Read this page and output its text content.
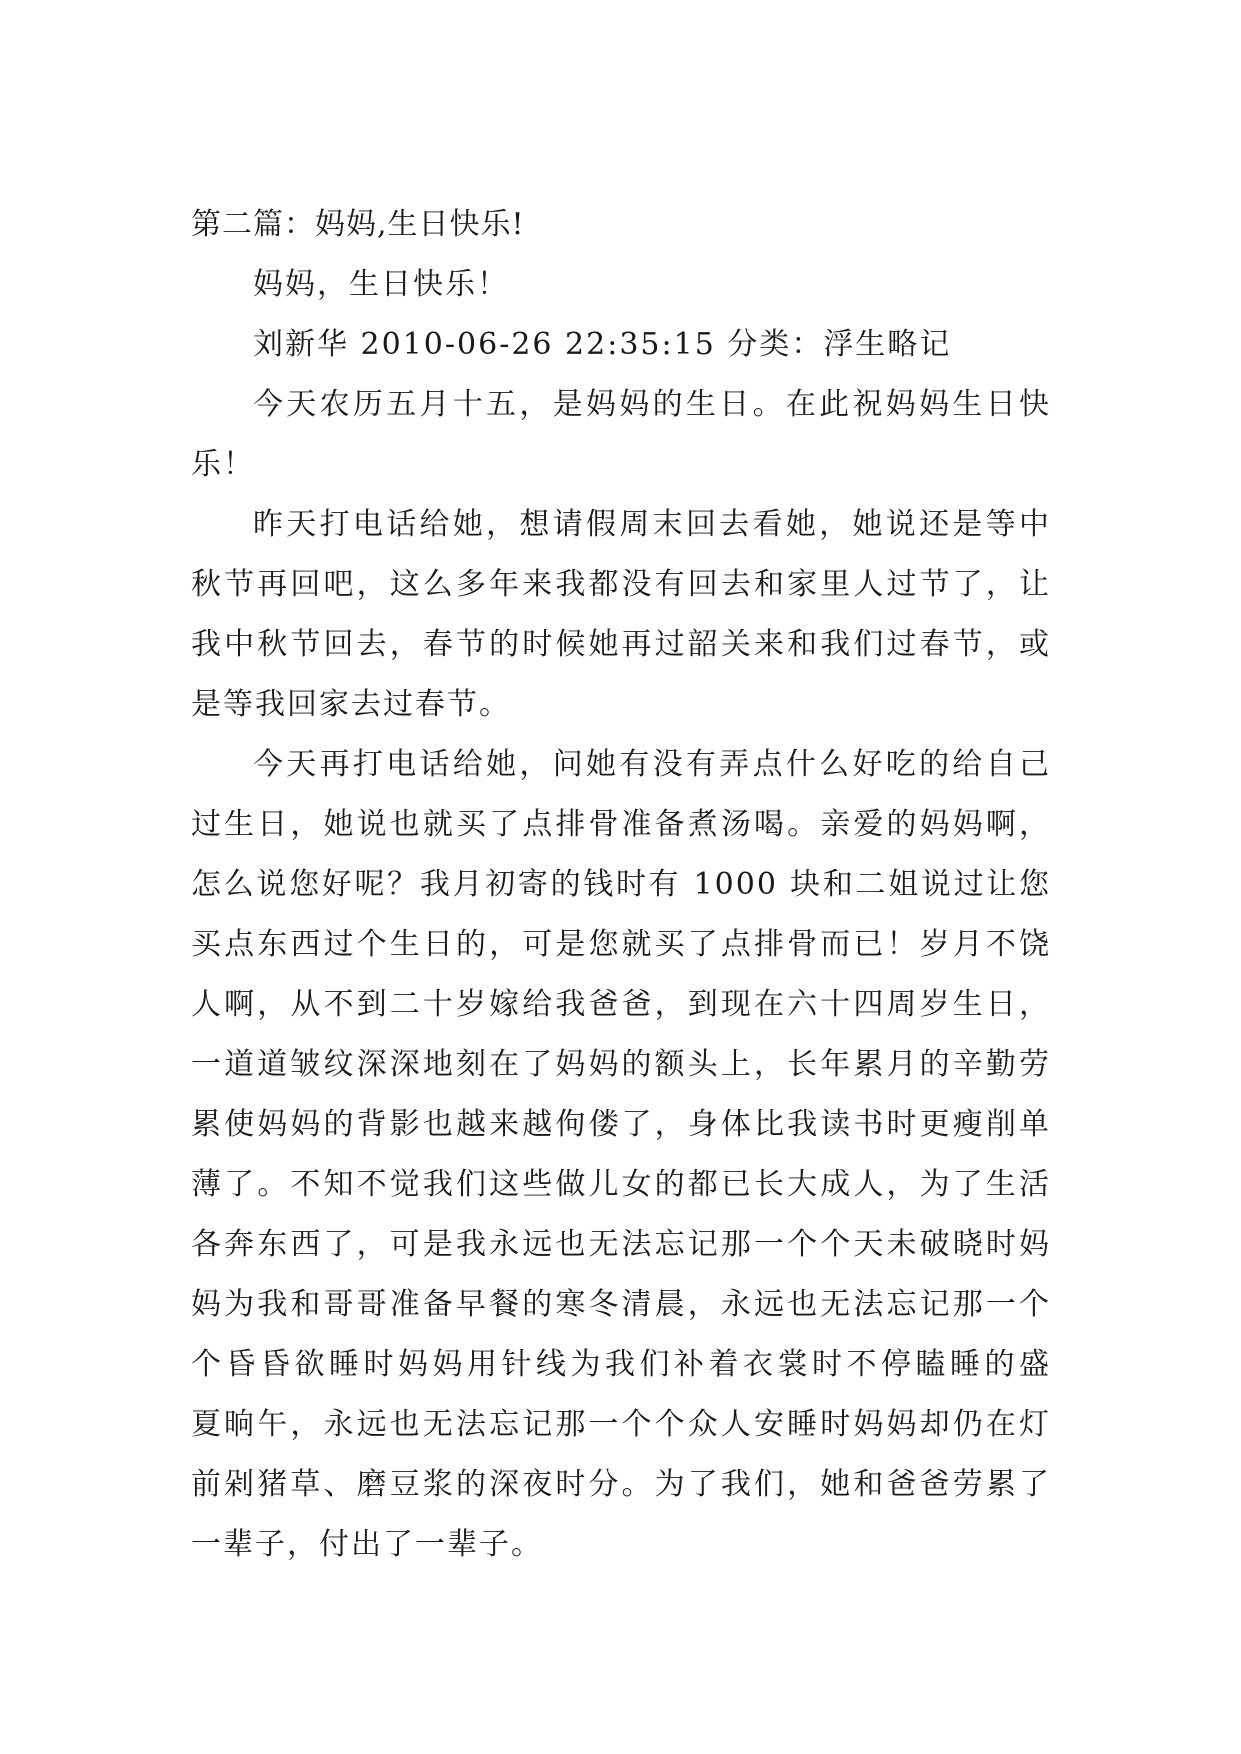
第二篇：妈妈,生日快乐!

妈妈，生日快乐！

刘新华 2010-06-26 22:35:15 分类：浮生略记

今天农历五月十五，是妈妈的生日。在此祝妈妈生日快

乐！

昨天打电话给她，想请假周末回去看她，她说还是等中

秋节再回吧，这么多年来我都没有回去和家里人过节了，让

我中秋节回去，春节的时候她再过韶关来和我们过春节，或

是等我回家去过春节。

今天再打电话给她，问她有没有弄点什么好吃的给自己

过生日，她说也就买了点排骨准备煮汤喝。亲爱的妈妈啊，

怎么说您好呢？我月初寄的钱时有 1000 块和二姐说过让您

买点东西过个生日的，可是您就买了点排骨而已！岁月不饶

人啊，从不到二十岁嫁给我爸爸，到现在六十四周岁生日，

一道道皱纹深深地刻在了妈妈的额头上，长年累月的辛勤劳

累使妈妈的背影也越来越佝偻了，身体比我读书时更瘦削单

薄了。不知不觉我们这些做儿女的都已长大成人，为了生活

各奔东西了，可是我永远也无法忘记那一个个天未破晓时妈

妈为我和哥哥准备早餐的寒冬清晨，永远也无法忘记那一个

个昏昏欲睡时妈妈用针线为我们补着衣裳时不停瞌睡的盛

夏晌午，永远也无法忘记那一个个众人安睡时妈妈却仍在灯

前剁猪草、磨豆浆的深夜时分。为了我们，她和爸爸劳累了

一辈子，付出了一辈子。
